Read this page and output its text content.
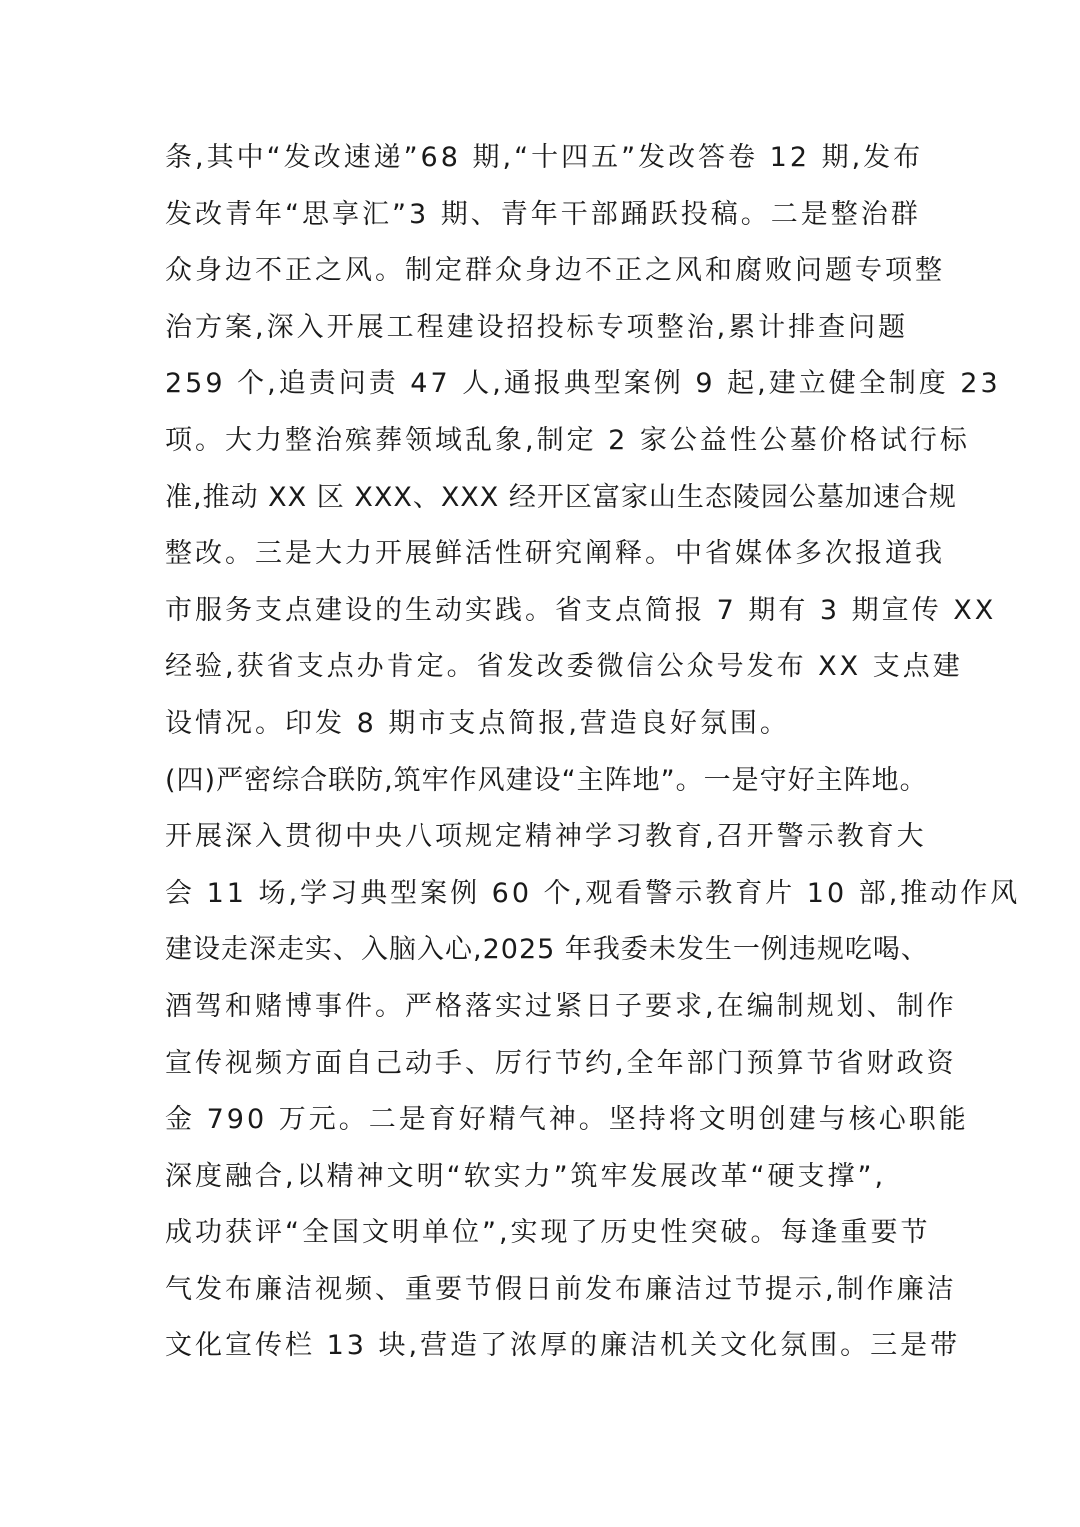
条,其中“发改速递”68 期,“十四五”发改答卷 12 期,发布
发改青年“思享汇”3 期、青年干部踊跃投稿。二是整治群
众身边不正之风。制定群众身边不正之风和腐败问题专项整
治方案,深入开展工程建设招投标专项整治,累计排查问题
259 个,追责问责 47 人,通报典型案例 9 起,建立健全制度 23
项。大力整治殡葬领域乱象,制定 2 家公益性公墓价格试行标
准,推动 XX 区 XXX、XXX 经开区富家山生态陵园公墓加速合规
整改。三是大力开展鲜活性研究阐释。中省媒体多次报道我
市服务支点建设的生动实践。省支点简报 7 期有 3 期宣传 XX
经验,获省支点办肯定。省发改委微信公众号发布 XX 支点建
设情况。印发 8 期市支点简报,营造良好氛围。
(四)严密综合联防,筑牢作风建设“主阵地”。一是守好主阵地。
开展深入贯彻中央八项规定精神学习教育,召开警示教育大
会 11 场,学习典型案例 60 个,观看警示教育片 10 部,推动作风
建设走深走实、入脑入心,2025 年我委未发生一例违规吃喝、
酒驾和赌博事件。严格落实过紧日子要求,在编制规划、制作
宣传视频方面自己动手、厉行节约,全年部门预算节省财政资
金 790 万元。二是育好精气神。坚持将文明创建与核心职能
深度融合,以精神文明“软实力”筑牢发展改革“硬支撑”,
成功获评“全国文明单位”,实现了历史性突破。每逢重要节
气发布廉洁视频、重要节假日前发布廉洁过节提示,制作廉洁
文化宣传栏 13 块,营造了浓厚的廉洁机关文化氛围。三是带
